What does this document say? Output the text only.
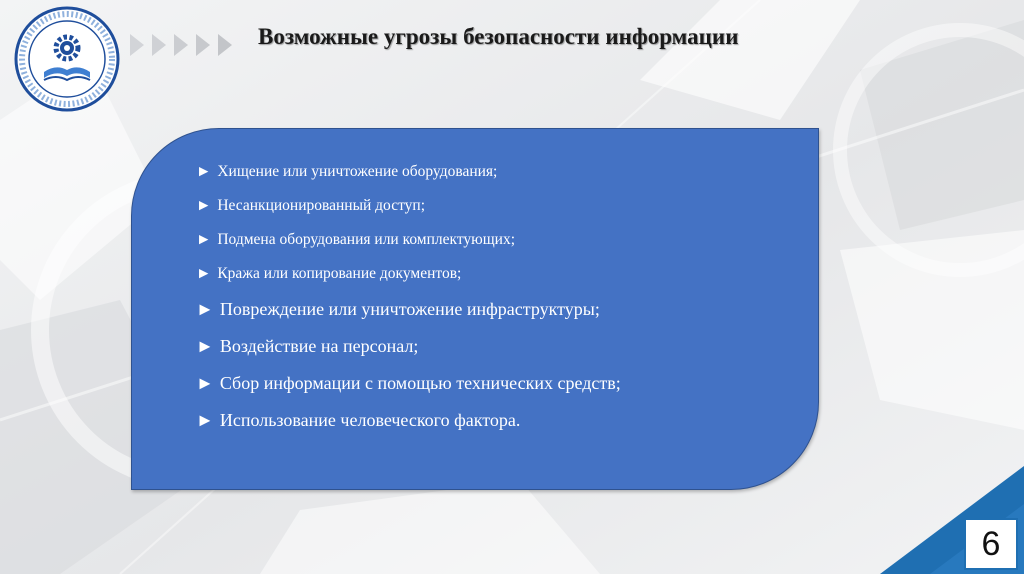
Возможные угрозы безопасности информации
► Хищение или уничтожение оборудования;
► Несанкционированный доступ;
► Подмена оборудования или комплектующих;
► Кража или копирование документов;
► Повреждение или уничтожение инфраструктуры;
► Воздействие на персонал;
► Сбор информации с помощью технических средств;
► Использование человеческого фактора.
6
